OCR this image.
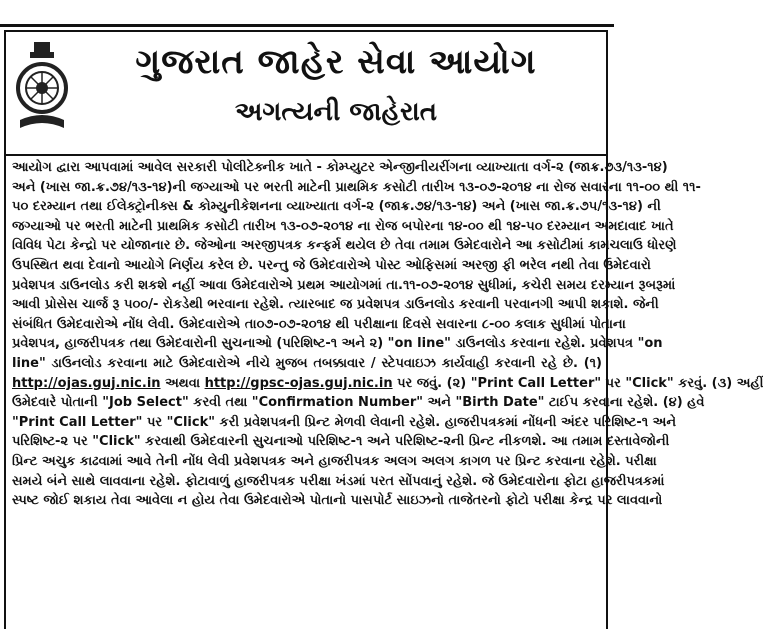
ગુજરાત જાહેર સેવા આયોગ
અગત્યની જાહેરાત
આયોગ દ્વારા આપવામાં આવેલ સરકારી પોલીટેક્નીક ખાતે - કોમ્પ્યુટર એન્જીનીયરીંગના વ્યાખ્યાતા વર્ગ-૨ (જાક્ર.૭૩/૧૩-૧૪)
અને (ખાસ જા.ક્ર.૭૪/૧૩-૧૪)ની જગ્યાઓ પર ભરતી માટેની પ્રાથમિક કસોટી તારીખ ૧૩-૦૭-૨૦૧૪ ના રોજ સવારના ૧૧-૦૦ થી ૧૧-
૫૦ દરમ્યાન તથા ઈલેક્ટ્રોનીક્સ & કોમ્યુનીકેશનના વ્યાખ્યાતા વર્ગ-૨ (જાક્ર.૭૪/૧૩-૧૪) અને (ખાસ જા.ક્ર.૭૫/૧૩-૧૪) ની
જગ્યાઓ પર ભરતી માટેની પ્રાથમિક કસોટી તારીખ ૧૩-૦૭-૨૦૧૪ ના રોજ બપોરના ૧૪-૦૦ થી ૧૪-૫૦ દરમ્યાન અમદાવાદ ખાતે
વિવિધ પેટા કેન્દ્રો પર યોજાનાર છે. જેઓના અરજીપત્રક કન્ફર્મ થયેલ છે તેવા તમામ ઉમેદવારોને આ કસોટીમાં કામચલાઉ ધોરણે
ઉપસ્થિત થવા દેવાનો આયોગે નિર્ણય કરેલ છે. પરન્તુ જે ઉમેદવારોએ પોસ્ટ ઓફિસમાં અરજી ફી ભરેલ નથી તેવા ઉમેદવારો
પ્રવેશપત્ર ડાઉનલોડ કરી શકશે નહીં આવા ઉમેદવારોએ પ્રથમ આયોગમાં તા.૧૧-૦૭-૨૦૧૪ સુધીમાં, કચેરી સમય દરમ્યાન રૂબરૂમાં
આવી પ્રોસેસ ચાર્જ રૂ ૫૦૦/- રોકડેથી ભરવાના રહેશે. ત્યારબાદ જ પ્રવેશપત્ર ડાઉનલોડ કરવાની પરવાનગી આપી શકાશે. જેની
સંબંધિત ઉમેદવારોએ નોંધ લેવી. ઉમેદવારોએ તા૦૭-૦૭-૨૦૧૪ થી પરીક્ષાના દિવસે સવારના ૮-૦૦ કલાક સુધીમાં પોતાના
પ્રવેશપત્ર, હાજરીપત્રક તથા ઉમેદવારોની સુચનાઓ (પરિશિષ્ટ-૧ અને ૨) "on line" ડાઉનલોડ કરવાના રહેશે. પ્રવેશપત્ર "on
line" ડાઉનલોડ કરવાના માટે ઉમેદવારોએ નીચે મુજબ તબક્કાવાર / સ્ટેપવાઇઝ કાર્યવાહી કરવાની રહે છે. (૧)
http://ojas.guj.nic.in અથવા http://gpsc-ojas.guj.nic.in પર જવું. (૨) "Print Call Letter" પર "Click" કરવું. (૩) અહીં
ઉમેદવારે પોતાની "Job Select" કરવી તથા "Confirmation Number" અને "Birth Date" ટાઈપ કરવાના રહેશે. (૪) હવે
"Print Call Letter" પર "Click" કરી પ્રવેશપત્રની પ્રિન્ટ મેળવી લેવાની રહેશે. હાજરીપત્રકમાં નોંધની અંદર પરિશિષ્ટ-૧ અને
પરિશિષ્ટ-૨ પર "Click" કરવાથી ઉમેદવારની સુચનાઓ પરિશિષ્ટ-૧ અને પરિશિષ્ટ-૨ની પ્રિન્ટ નીકળશે. આ તમામ દસ્તાવેજોની
પ્રિન્ટ અચુક કાઢવામાં આવે તેની નોંધ લેવી પ્રવેશપત્રક અને હાજરીપત્રક અલગ અલગ કાગળ પર પ્રિન્ટ કરવાના રહેશે. પરીક્ષા
સમયે બંને સાથે લાવવાના રહેશે. ફોટાવાળું હાજરીપત્રક પરીક્ષા ખંડમાં પરત સોંપવાનું રહેશે. જે ઉમેદવારોના ફોટા હાજરીપત્રકમાં
સ્પષ્ટ જોઈ શકાય તેવા આવેલા ન હોય તેવા ઉમેદવારોએ પોતાનો પાસપોર્ટ સાઇઝનો તાજેતરનો ફોટો પરીક્ષા કેન્દ્ર પર લાવવાનો
